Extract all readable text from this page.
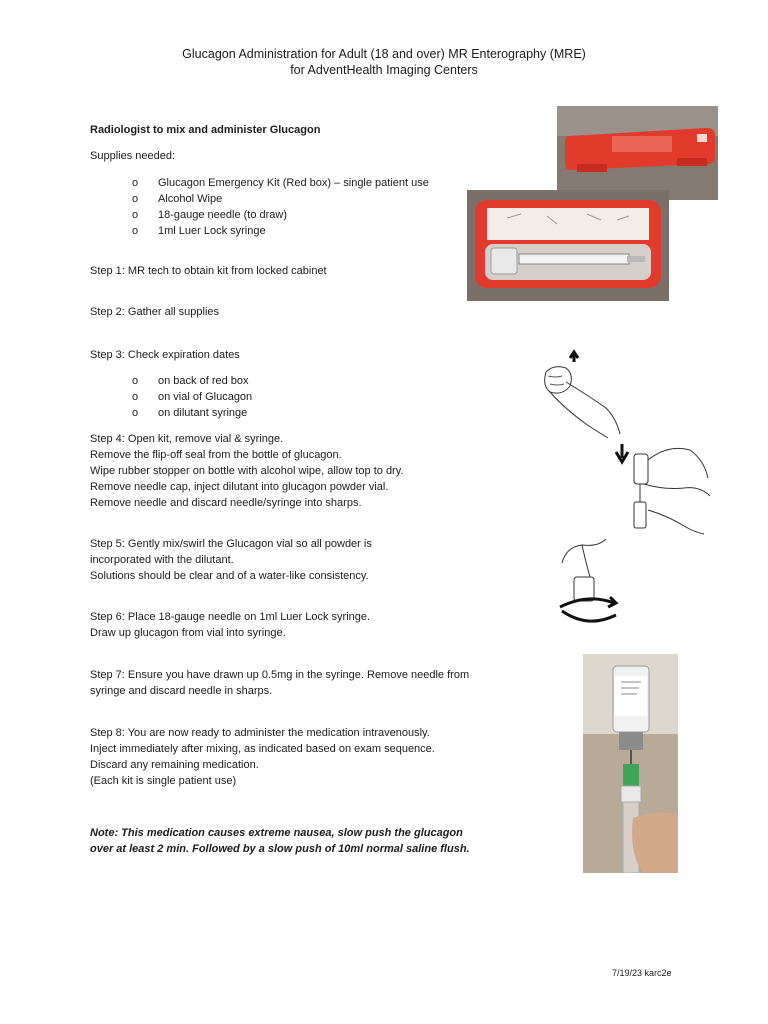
Glucagon Administration for Adult (18 and over) MR Enterography (MRE)
for AdventHealth Imaging Centers
Radiologist to mix and administer Glucagon
Supplies needed:
o Glucagon Emergency Kit (Red box) – single patient use
o Alcohol Wipe
o 18-gauge needle (to draw)
o 1ml Luer Lock syringe
Step 1: MR tech to obtain kit from locked cabinet
Step 2: Gather all supplies
Step 3: Check expiration dates
o on back of red box
o on vial of Glucagon
o on dilutant syringe
Step 4: Open kit, remove vial & syringe.
Remove the flip-off seal from the bottle of glucagon.
Wipe rubber stopper on bottle with alcohol wipe, allow top to dry.
Remove needle cap, inject dilutant into glucagon powder vial.
Remove needle and discard needle/syringe into sharps.
Step 5: Gently mix/swirl the Glucagon vial so all powder is
incorporated with the dilutant.
Solutions should be clear and of a water-like consistency.
Step 6: Place 18-gauge needle on 1ml Luer Lock syringe.
Draw up glucagon from vial into syringe.
Step 7: Ensure you have drawn up 0.5mg in the syringe. Remove needle from
syringe and discard needle in sharps.
Step 8: You are now ready to administer the medication intravenously.
Inject immediately after mixing, as indicated based on exam sequence.
Discard any remaining medication.
(Each kit is single patient use)
Note: This medication causes extreme nausea, slow push the glucagon
over at least 2 min. Followed by a slow push of 10ml normal saline flush.
7/19/23 karc2e
